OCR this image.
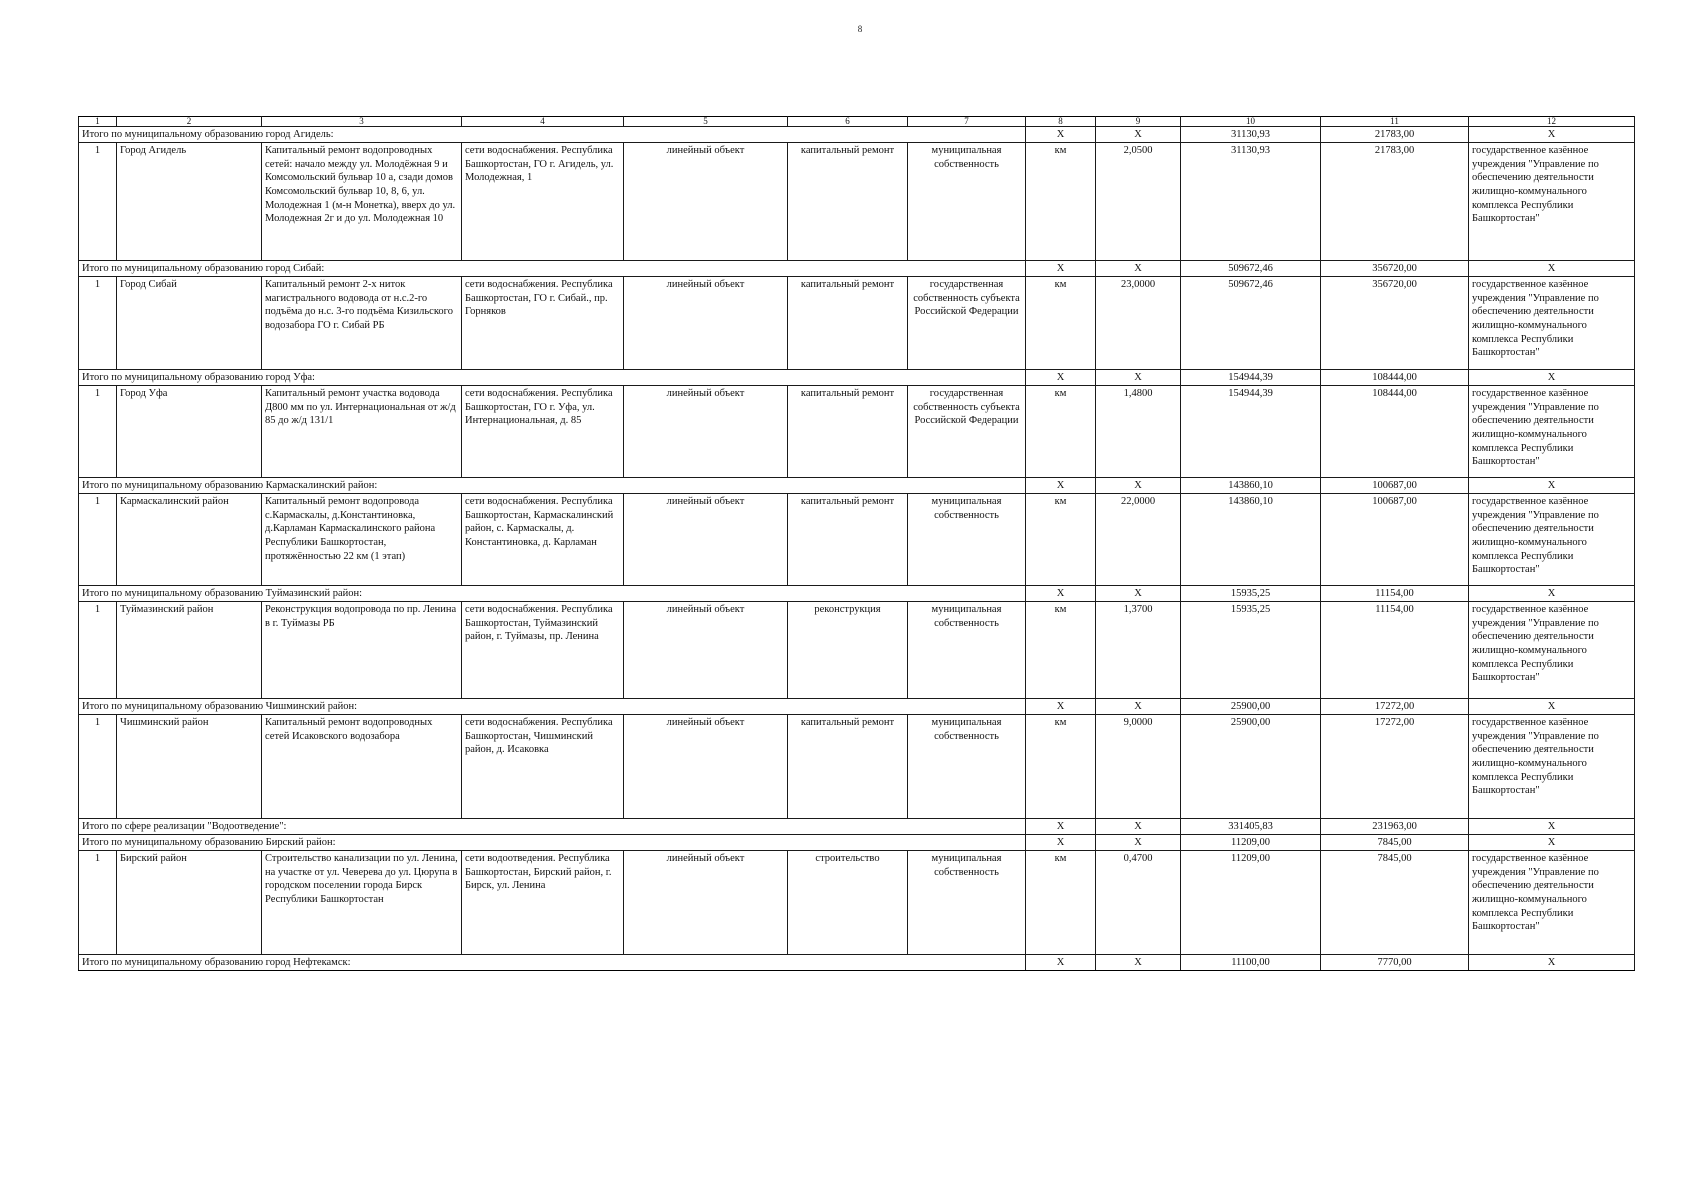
8
1	2	3	4	5	6	7	8	9	10	11	12
Итого по муниципальному образованию город Агидель:							X	X	31130,93	21783,00	X
1	Город Агидель	Капитальный ремонт водопроводных сетей: начало между ул. Молодёжная 9 и Комсомольский бульвар 10 а, сзади домов Комсомольский бульвар 10, 8, 6, ул. Молодежная 1 (м-н Монетка), вверх до ул. Молодежная 2г и до ул. Молодежная 10	сети водоснабжения. Республика Башкортостан, ГО г. Агидель, ул. Молодежная, 1	линейный объект	капитальный ремонт	муниципальная собственность	км	2,0500	31130,93	21783,00	государственное казённое учреждения "Управление по обеспечению деятельности жилищно-коммунального комплекса Республики Башкортостан"
Итого по муниципальному образованию город Сибай:							X	X	509672,46	356720,00	X
1	Город Сибай	Капитальный ремонт 2-х ниток магистрального водовода от н.с.2-го подъёма до н.с. 3-го подъёма Кизильского водозабора ГО г. Сибай РБ	сети водоснабжения. Республика Башкортостан, ГО г. Сибай., пр. Горняков	линейный объект	капитальный ремонт	государственная собственность субъекта Российской Федерации	км	23,0000	509672,46	356720,00	государственное казённое учреждения "Управление по обеспечению деятельности жилищно-коммунального комплекса Республики Башкортостан"
Итого по муниципальному образованию город Уфа:							X	X	154944,39	108444,00	X
1	Город Уфа	Капитальный ремонт участка водовода Д800 мм по ул. Интернациональная от ж/д 85 до ж/д 131/1	сети водоснабжения. Республика Башкортостан, ГО г. Уфа, ул. Интернациональная, д. 85	линейный объект	капитальный ремонт	государственная собственность субъекта Российской Федерации	км	1,4800	154944,39	108444,00	государственное казённое учреждения "Управление по обеспечению деятельности жилищно-коммунального комплекса Республики Башкортостан"
Итого по муниципальному образованию Кармаскалинский район:							X	X	143860,10	100687,00	X
1	Кармаскалинский район	Капитальный ремонт водопровода с.Кармаскалы, д.Константиновка, д.Карламан Кармаскалинского района Республики Башкортостан, протяжённостью 22 км (1 этап)	сети водоснабжения. Республика Башкортостан, Кармаскалинский район, с. Кармаскалы, д. Константиновка, д. Карламан	линейный объект	капитальный ремонт	муниципальная собственность	км	22,0000	143860,10	100687,00	государственное казённое учреждения "Управление по обеспечению деятельности жилищно-коммунального комплекса Республики Башкортостан"
Итого по муниципальному образованию Туймазинский район:							X	X	15935,25	11154,00	X
1	Туймазинский район	Реконструкция водопровода по пр. Ленина в г. Туймазы РБ	сети водоснабжения. Республика Башкортостан, Туймазинский район, г. Туймазы, пр. Ленина	линейный объект	реконструкция	муниципальная собственность	км	1,3700	15935,25	11154,00	государственное казённое учреждения "Управление по обеспечению деятельности жилищно-коммунального комплекса Республики Башкортостан"
Итого по муниципальному образованию Чишминский район:							X	X	25900,00	17272,00	X
1	Чишминский район	Капитальный ремонт водопроводных сетей Исаковского водозабора	сети водоснабжения. Республика Башкортостан, Чишминский район, д. Исаковка	линейный объект	капитальный ремонт	муниципальная собственность	км	9,0000	25900,00	17272,00	государственное казённое учреждения "Управление по обеспечению деятельности жилищно-коммунального комплекса Республики Башкортостан"
Итого по сфере реализации "Водоотведение":							X	X	331405,83	231963,00	X
Итого по муниципальному образованию Бирский район:							X	X	11209,00	7845,00	X
1	Бирский район	Строительство канализации по ул. Ленина, на участке от ул. Чеверева до ул. Цюрупа в городском поселении города Бирск Республики Башкортостан	сети водоотведения. Республика Башкортостан, Бирский район, г. Бирск, ул. Ленина	линейный объект	строительство	муниципальная собственность	км	0,4700	11209,00	7845,00	государственное казённое учреждения "Управление по обеспечению деятельности жилищно-коммунального комплекса Республики Башкортостан"
Итого по муниципальному образованию город Нефтекамск:							X	X	11100,00	7770,00	X
